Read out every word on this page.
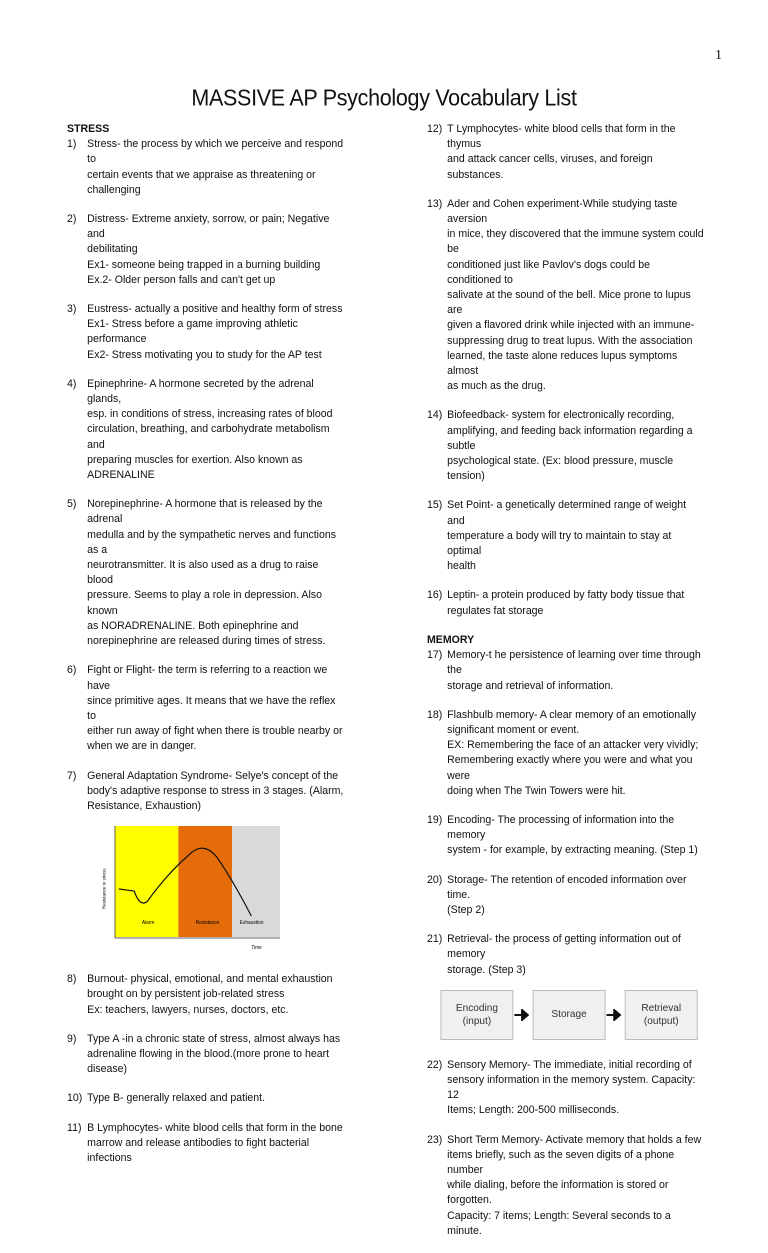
1
MASSIVE AP Psychology Vocabulary List
STRESS
1) Stress- the process by which we perceive and respond to
certain events that we appraise as threatening or
challenging
2) Distress- Extreme anxiety, sorrow, or pain; Negative and
debilitating
Ex1- someone being trapped in a burning building
Ex.2- Older person falls and can't get up
3) Eustress- actually a positive and healthy form of stress
Ex1- Stress before a game improving athletic performance
Ex2- Stress motivating you to study for the AP test
4) Epinephrine- A hormone secreted by the adrenal glands,
esp. in conditions of stress, increasing rates of blood
circulation, breathing, and carbohydrate metabolism and
preparing muscles for exertion. Also known as
ADRENALINE
5) Norepinephrine- A hormone that is released by the adrenal
medulla and by the sympathetic nerves and functions as a
neurotransmitter. It is also used as a drug to raise blood
pressure. Seems to play a role in depression. Also known
as NORADRENALINE. Both epinephrine and
norepinephrine are released during times of stress.
6) Fight or Flight- the term is referring to a reaction we have
since primitive ages. It means that we have the reflex to
either run away of fight when there is trouble nearby or
when we are in danger.
7) General Adaptation Syndrome- Selye's concept of the
body's adaptive response to stress in 3 stages. (Alarm,
Resistance, Exhaustion)
Resistance to stress
Alarm	Resistance	Exhaustion
Time
8) Burnout- physical, emotional, and mental exhaustion
brought on by persistent job-related stress
Ex: teachers, lawyers, nurses, doctors, etc.
9) Type A -in a chronic state of stress, almost always has
adrenaline flowing in the blood.(more prone to heart
disease)
10) Type B- generally relaxed and patient.
11) B Lymphocytes- white blood cells that form in the bone
marrow and release antibodies to fight bacterial infections
12) T Lymphocytes- white blood cells that form in the thymus
and attack cancer cells, viruses, and foreign substances.
13) Ader and Cohen experiment-While studying taste aversion
in mice, they discovered that the immune system could be
conditioned just like Pavlov's dogs could be conditioned to
salivate at the sound of the bell. Mice prone to lupus are
given a flavored drink while injected with an immune-
suppressing drug to treat lupus. With the association
learned, the taste alone reduces lupus symptoms almost
as much as the drug.
14) Biofeedback- system for electronically recording,
amplifying, and feeding back information regarding a subtle
psychological state. (Ex: blood pressure, muscle tension)
15) Set Point- a genetically determined range of weight and
temperature a body will try to maintain to stay at optimal
health
16) Leptin- a protein produced by fatty body tissue that
regulates fat storage
MEMORY
17) Memory-t he persistence of learning over time through the
storage and retrieval of information.
18) Flashbulb memory- A clear memory of an emotionally
significant moment or event.
EX: Remembering the face of an attacker very vividly;
Remembering exactly where you were and what you were
doing when The Twin Towers were hit.
19) Encoding- The processing of information into the memory
system - for example, by extracting meaning. (Step 1)
20) Storage- The retention of encoded information over time.
(Step 2)
21) Retrieval- the process of getting information out of memory
storage. (Step 3)
Encoding
(input)
Storage
Retrieval
(output)
22) Sensory Memory- The immediate, initial recording of
sensory information in the memory system. Capacity: 12
Items; Length: 200-500 milliseconds.
23) Short Term Memory- Activate memory that holds a few
items briefly, such as the seven digits of a phone number
while dialing, before the information is stored or forgotten.
Capacity: 7 items; Length: Several seconds to a minute.
